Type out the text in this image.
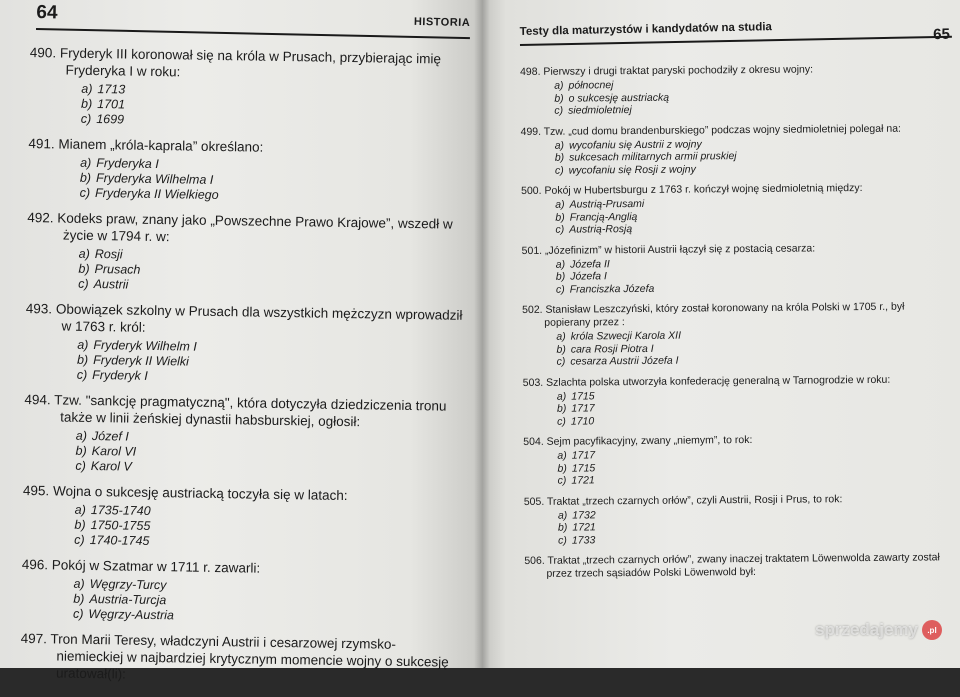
64	HISTORIA
490. Fryderyk III koronował się na króla w Prusach, przybierając imię Fryderyka I w roku:
a) 1713
b) 1701
c) 1699
491. Mianem „króla-kaprala” określano:
a) Fryderyka I
b) Fryderyka Wilhelma I
c) Fryderyka II Wielkiego
492. Kodeks praw, znany jako „Powszechne Prawo Krajowe”, wszedł w życie w 1794 r. w:
a) Rosji
b) Prusach
c) Austrii
493. Obowiązek szkolny w Prusach dla wszystkich mężczyzn wprowadził w 1763 r. król:
a) Fryderyk Wilhelm I
b) Fryderyk II Wielki
c) Fryderyk I
494. Tzw. "sankcję pragmatyczną", która dotyczyła dziedziczenia tronu także w linii żeńskiej dynastii habsburskiej, ogłosił:
a) Józef I
b) Karol VI
c) Karol V
495. Wojna o sukcesję austriacką toczyła się w latach:
a) 1735-1740
b) 1750-1755
c) 1740-1745
496. Pokój w Szatmar w 1711 r. zawarli:
a) Węgrzy-Turcy
b) Austria-Turcja
c) Węgrzy-Austria
497. Tron Marii Teresy, władczyni Austrii i cesarzowej rzymsko-niemieckiej w najbardziej krytycznym momencie wojny o sukcesję uratował(li):
Testy dla maturzystów i kandydatów na studia	65
498. Pierwszy i drugi traktat paryski pochodziły z okresu wojny:
a) północnej
b) o sukcesję austriacką
c) siedmioletniej
499. Tzw. „cud domu brandenburskiego” podczas wojny siedmioletniej polegał na:
a) wycofaniu się Austrii z wojny
b) sukcesach militarnych armii pruskiej
c) wycofaniu się Rosji z wojny
500. Pokój w Hubertsburgu z 1763 r. kończył wojnę siedmioletnią między:
a) Austrią-Prusami
b) Francją-Anglią
c) Austrią-Rosją
501. „Józefinizm” w historii Austrii łączył się z postacią cesarza:
a) Józefa II
b) Józefa I
c) Franciszka Józefa
502. Stanisław Leszczyński, który został koronowany na króla Polski w 1705 r., był popierany przez :
a) króla Szwecji Karola XII
b) cara Rosji Piotra I
c) cesarza Austrii Józefa I
503. Szlachta polska utworzyła konfederację generalną w Tarnogrodzie w roku:
a) 1715
b) 1717
c) 1710
504. Sejm pacyfikacyjny, zwany „niemym”, to rok:
a) 1717
b) 1715
c) 1721
505. Traktat „trzech czarnych orłów”, czyli Austrii, Rosji i Prus, to rok:
a) 1732
b) 1721
c) 1733
506. Traktat „trzech czarnych orłów”, zwany inaczej traktatem Löwenwolda zawarty został przez trzech sąsiadów Polski Löwenwold był:
sprzedajemy	.pl
